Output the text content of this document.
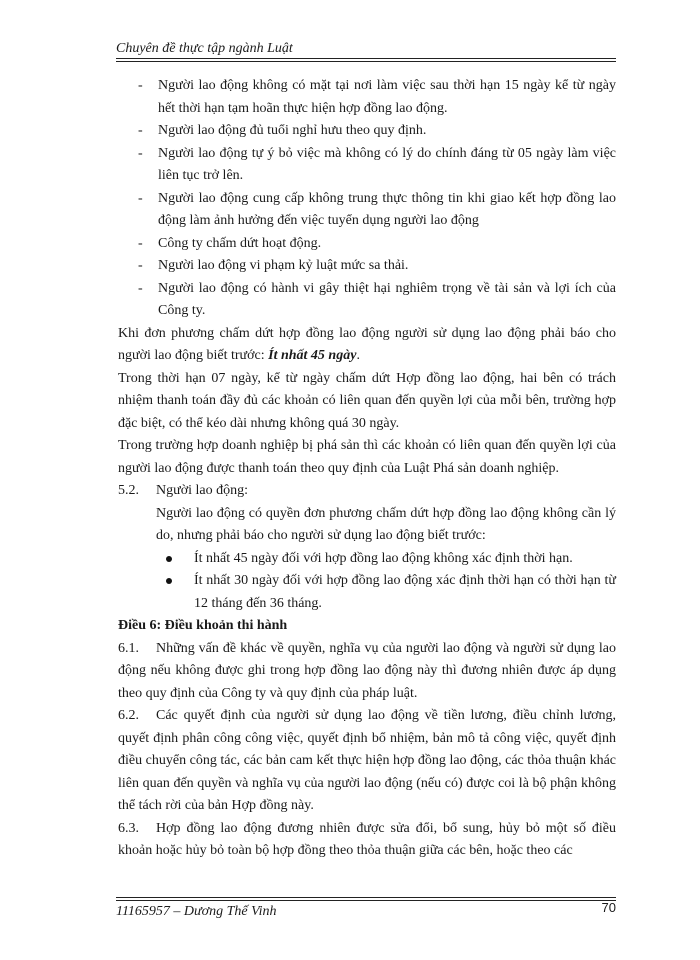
Chuyên đề thực tập ngành Luật
- Người lao động không có mặt tại nơi làm việc sau thời hạn 15 ngày kể từ ngày hết thời hạn tạm hoãn thực hiện hợp đồng lao động.
- Người lao động đủ tuổi nghỉ hưu theo quy định.
- Người lao động tự ý bỏ việc mà không có lý do chính đáng từ 05 ngày làm việc liên tục trở lên.
- Người lao động cung cấp không trung thực thông tin khi giao kết hợp đồng lao động làm ảnh hưởng đến việc tuyển dụng người lao động
- Công ty chấm dứt hoạt động.
- Người lao động vi phạm kỷ luật mức sa thải.
- Người lao động có hành vi gây thiệt hại nghiêm trọng về tài sản và lợi ích của Công ty.

Khi đơn phương chấm dứt hợp đồng lao động người sử dụng lao động phải báo cho người lao động biết trước: Ít nhất 45 ngày.

Trong thời hạn 07 ngày, kể từ ngày chấm dứt Hợp đồng lao động, hai bên có trách nhiệm thanh toán đầy đủ các khoản có liên quan đến quyền lợi của mỗi bên, trường hợp đặc biệt, có thể kéo dài nhưng không quá 30 ngày.

Trong trường hợp doanh nghiệp bị phá sản thì các khoản có liên quan đến quyền lợi của người lao động được thanh toán theo quy định của Luật Phá sản doanh nghiệp.

5.2. Người lao động:

Người lao động có quyền đơn phương chấm dứt hợp đồng lao động không cần lý do, nhưng phải báo cho người sử dụng lao động biết trước:

Ít nhất 45 ngày đối với hợp đồng lao động không xác định thời hạn.
Ít nhất 30 ngày đối với hợp đồng lao động xác định thời hạn có thời hạn từ 12 tháng đến 36 tháng.

Điều 6: Điều khoản thi hành

6.1. Những vấn đề khác về quyền, nghĩa vụ của người lao động và người sử dụng lao động nếu không được ghi trong hợp đồng lao động này thì đương nhiên được áp dụng theo quy định của Công ty và quy định của pháp luật.

6.2. Các quyết định của người sử dụng lao động về tiền lương, điều chỉnh lương, quyết định phân công công việc, quyết định bổ nhiệm, bản mô tả công việc, quyết định điều chuyển công tác, các bản cam kết thực hiện hợp đồng lao động, các thỏa thuận khác liên quan đến quyền và nghĩa vụ của người lao động (nếu có) được coi là bộ phận không thể tách rời của bản Hợp đồng này.

6.3. Hợp đồng lao động đương nhiên được sửa đổi, bổ sung, hủy bỏ một số điều khoản hoặc hủy bỏ toàn bộ hợp đồng theo thỏa thuận giữa các bên, hoặc theo các

11165957 – Dương Thế Vinh	70
